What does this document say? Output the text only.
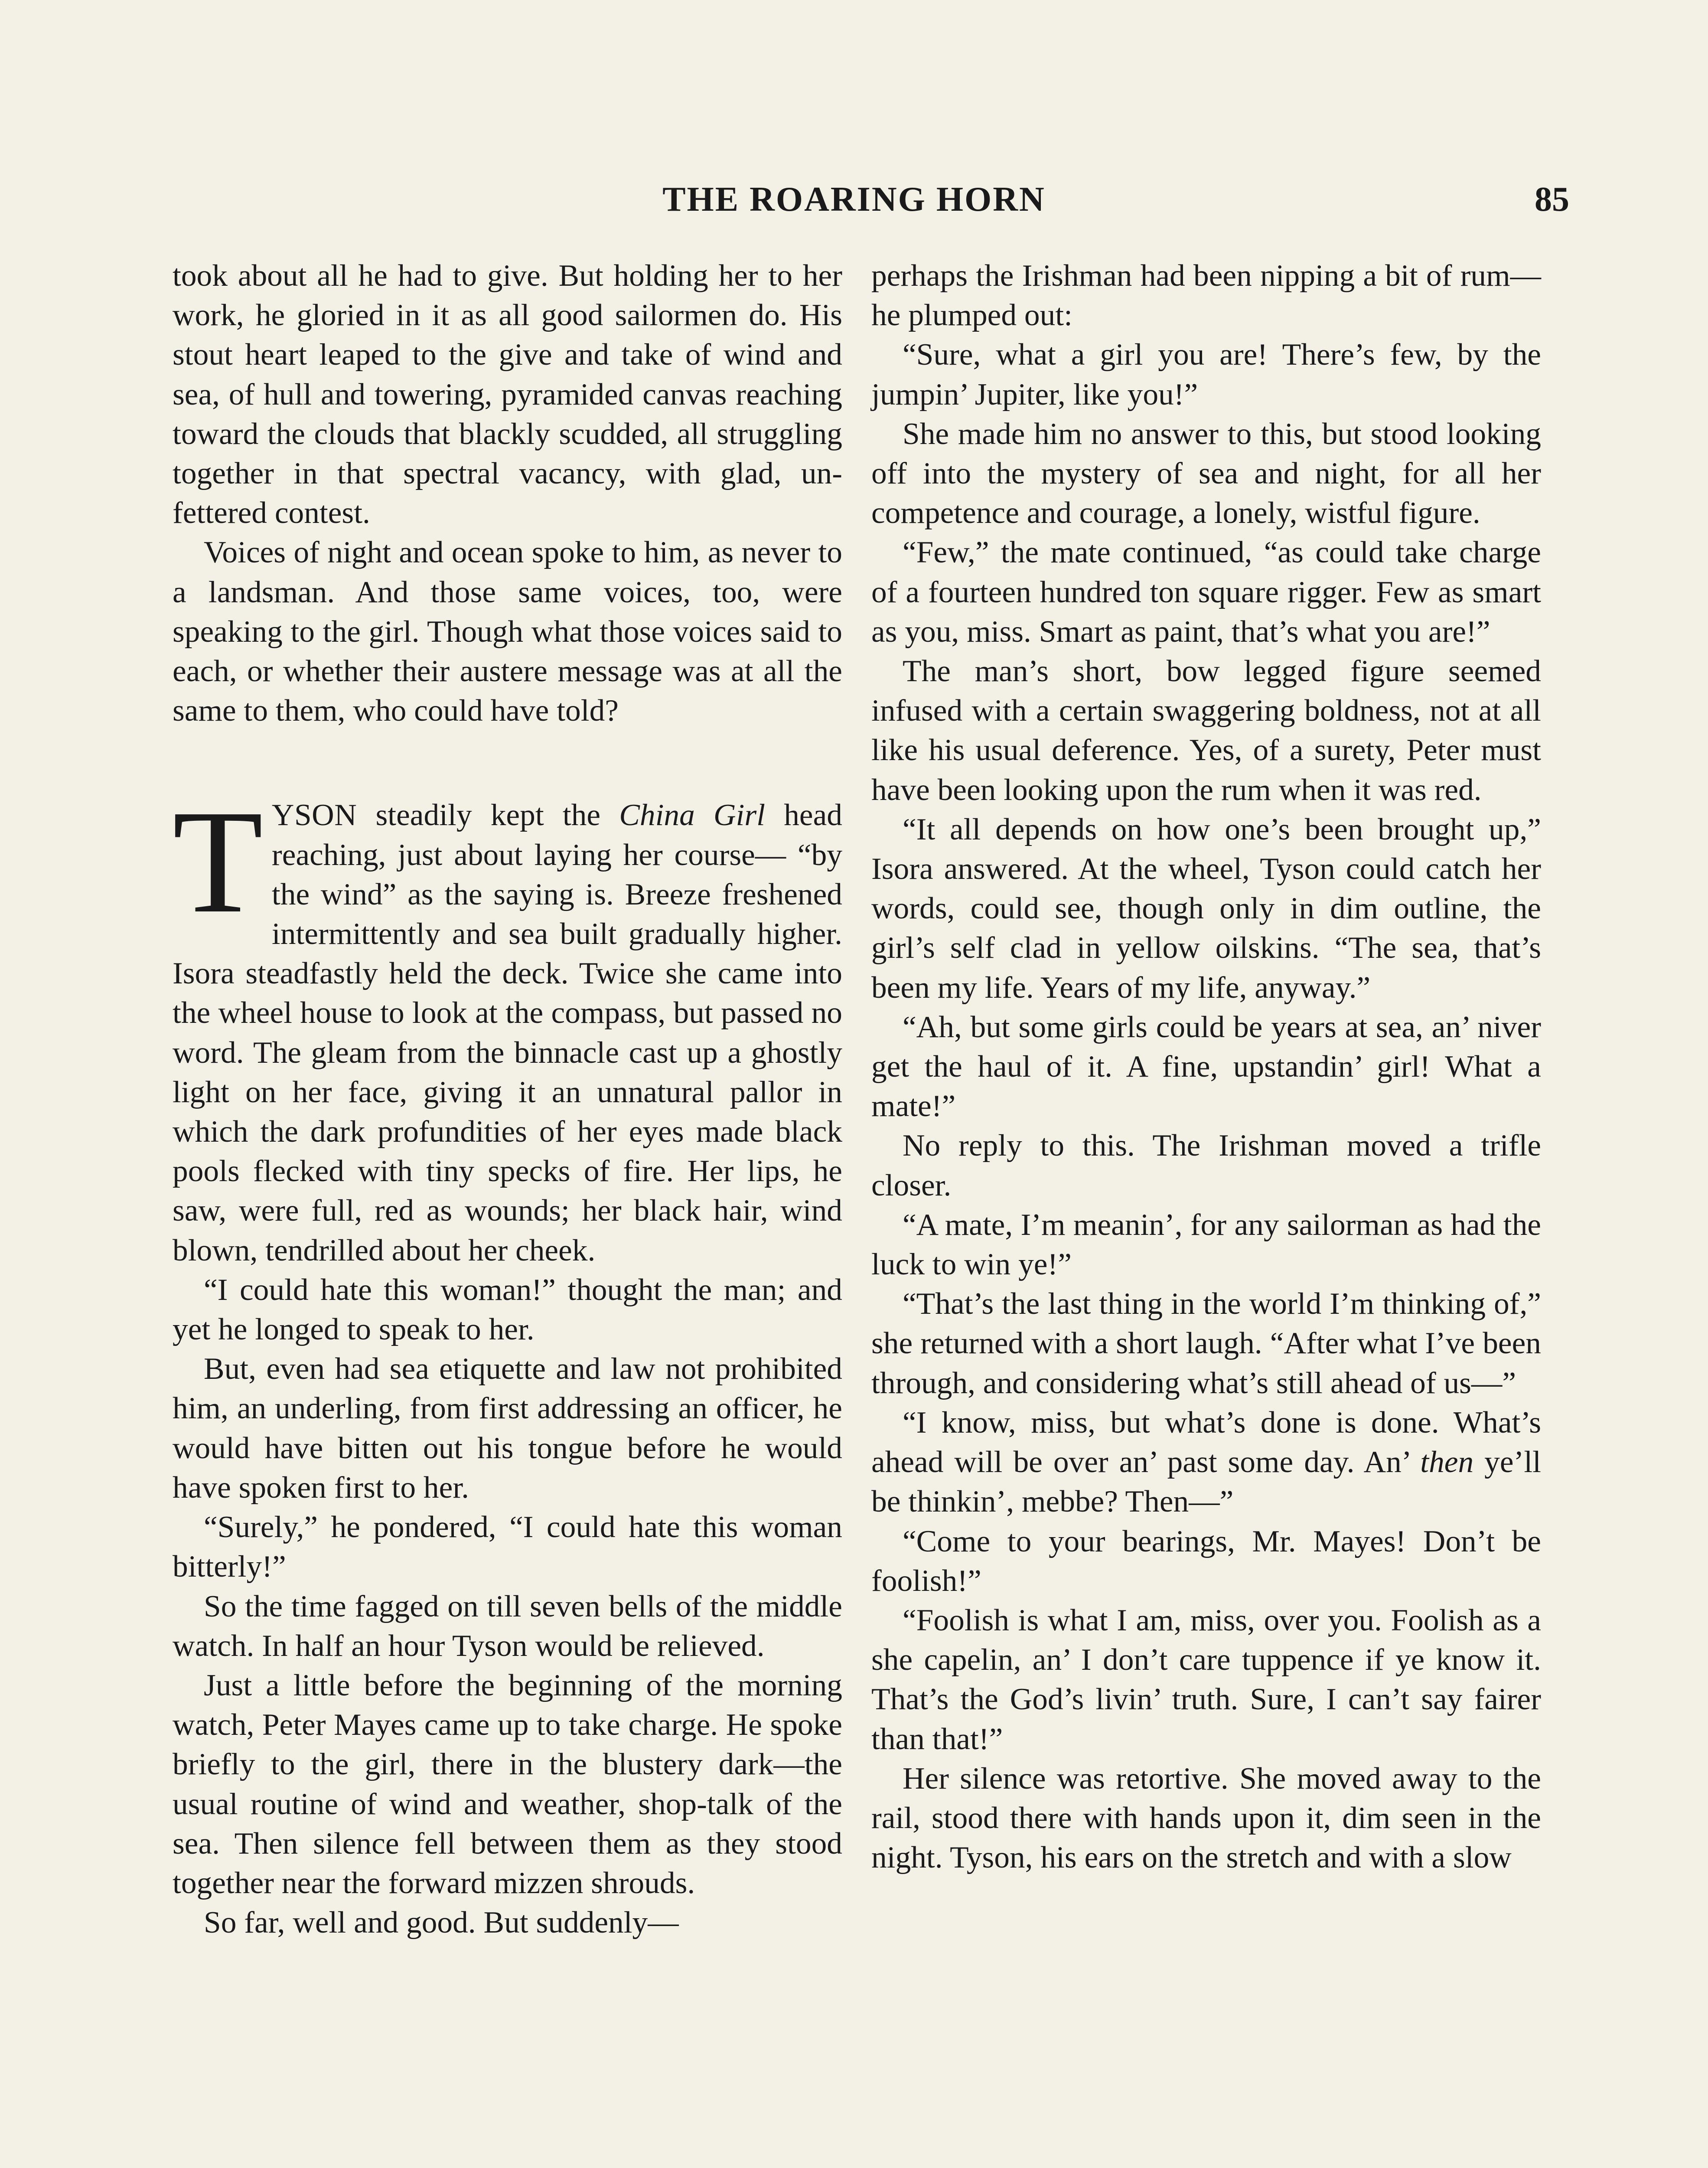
THE ROARING HORN	85

took about all he had to give. But holding her to her work, he gloried in it as all good sailormen do. His stout heart leaped to the give and take of wind and sea, of hull and towering, pyramided canvas reaching toward the clouds that blackly scudded, all struggling together in that spectral vacancy, with glad, unfettered contest.

Voices of night and ocean spoke to him, as never to a landsman. And those same voices, too, were speaking to the girl. Though what those voices said to each, or whether their austere message was at all the same to them, who could have told?

TYSON steadily kept the China Girl head reaching, just about laying her course— “by the wind” as the saying is. Breeze freshened intermittently and sea built gradually higher. Isora steadfastly held the deck. Twice she came into the wheel house to look at the compass, but passed no word. The gleam from the binnacle cast up a ghostly light on her face, giving it an unnatural pallor in which the dark profundities of her eyes made black pools flecked with tiny specks of fire. Her lips, he saw, were full, red as wounds; her black hair, wind blown, tendrilled about her cheek.

“I could hate this woman!” thought the man; and yet he longed to speak to her.

But, even had sea etiquette and law not prohibited him, an underling, from first addressing an officer, he would have bitten out his tongue before he would have spoken first to her.

“Surely,” he pondered, “I could hate this woman bitterly!”

So the time fagged on till seven bells of the middle watch. In half an hour Tyson would be relieved.

Just a little before the beginning of the morning watch, Peter Mayes came up to take charge. He spoke briefly to the girl, there in the blustery dark—the usual routine of wind and weather, shop-talk of the sea. Then silence fell between them as they stood together near the forward mizzen shrouds.

So far, well and good. But suddenly—

perhaps the Irishman had been nipping a bit of rum—he plumped out:

“Sure, what a girl you are! There’s few, by the jumpin’ Jupiter, like you!”

She made him no answer to this, but stood looking off into the mystery of sea and night, for all her competence and courage, a lonely, wistful figure.

“Few,” the mate continued, “as could take charge of a fourteen hundred ton square rigger. Few as smart as you, miss. Smart as paint, that’s what you are!”

The man’s short, bow legged figure seemed infused with a certain swaggering boldness, not at all like his usual deference. Yes, of a surety, Peter must have been looking upon the rum when it was red.

“It all depends on how one’s been brought up,” Isora answered. At the wheel, Tyson could catch her words, could see, though only in dim outline, the girl’s self clad in yellow oilskins. “The sea, that’s been my life. Years of my life, anyway.”

“Ah, but some girls could be years at sea, an’ niver get the haul of it. A fine, upstandin’ girl! What a mate!”

No reply to this. The Irishman moved a trifle closer.

“A mate, I’m meanin’, for any sailorman as had the luck to win ye!”

“That’s the last thing in the world I’m thinking of,” she returned with a short laugh. “After what I’ve been through, and considering what’s still ahead of us—”

“I know, miss, but what’s done is done. What’s ahead will be over an’ past some day. An’ then ye’ll be thinkin’, mebbe? Then—”

“Come to your bearings, Mr. Mayes! Don’t be foolish!”

“Foolish is what I am, miss, over you. Foolish as a she capelin, an’ I don’t care tuppence if ye know it. That’s the God’s livin’ truth. Sure, I can’t say fairer than that!”

Her silence was retortive. She moved away to the rail, stood there with hands upon it, dim seen in the night. Tyson, his ears on the stretch and with a slow
